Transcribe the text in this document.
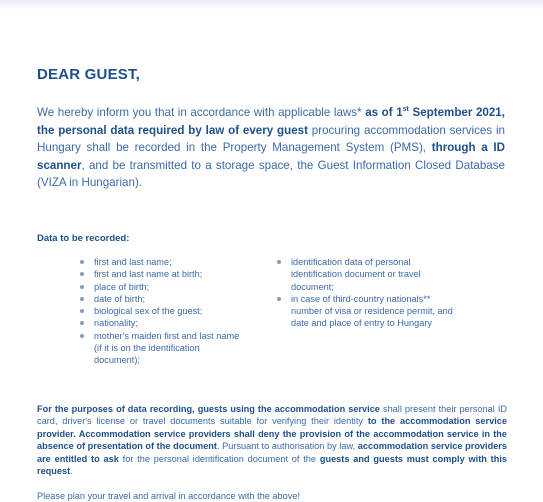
DEAR GUEST,
We hereby inform you that in accordance with applicable laws* as of 1st September 2021, the personal data required by law of every guest procuring accommodation services in Hungary shall be recorded in the Property Management System (PMS), through a ID scanner, and be transmitted to a storage space, the Guest Information Closed Database (VIZA in Hungarian).
Data to be recorded:
first and last name;
first and last name at birth;
place of birth;
date of birth;
biological sex of the guest;
nationality;
mother's maiden first and last name (if it is on the identification document);
identification data of personal identification document or travel document;
in case of third-country nationals** number of visa or residence permit, and date and place of entry to Hungary
For the purposes of data recording, guests using the accommodation service shall present their personal ID card, driver's license or travel documents suitable for verifying their identity to the accommodation service provider. Accommodation service providers shall deny the provision of the accommodation service in the absence of presentation of the document. Pursuant to authorisation by law, accommodation service providers are entitled to ask for the personal identification document of the guests and guests must comply with this request.
Please plan your travel and arrival in accordance with the above!
